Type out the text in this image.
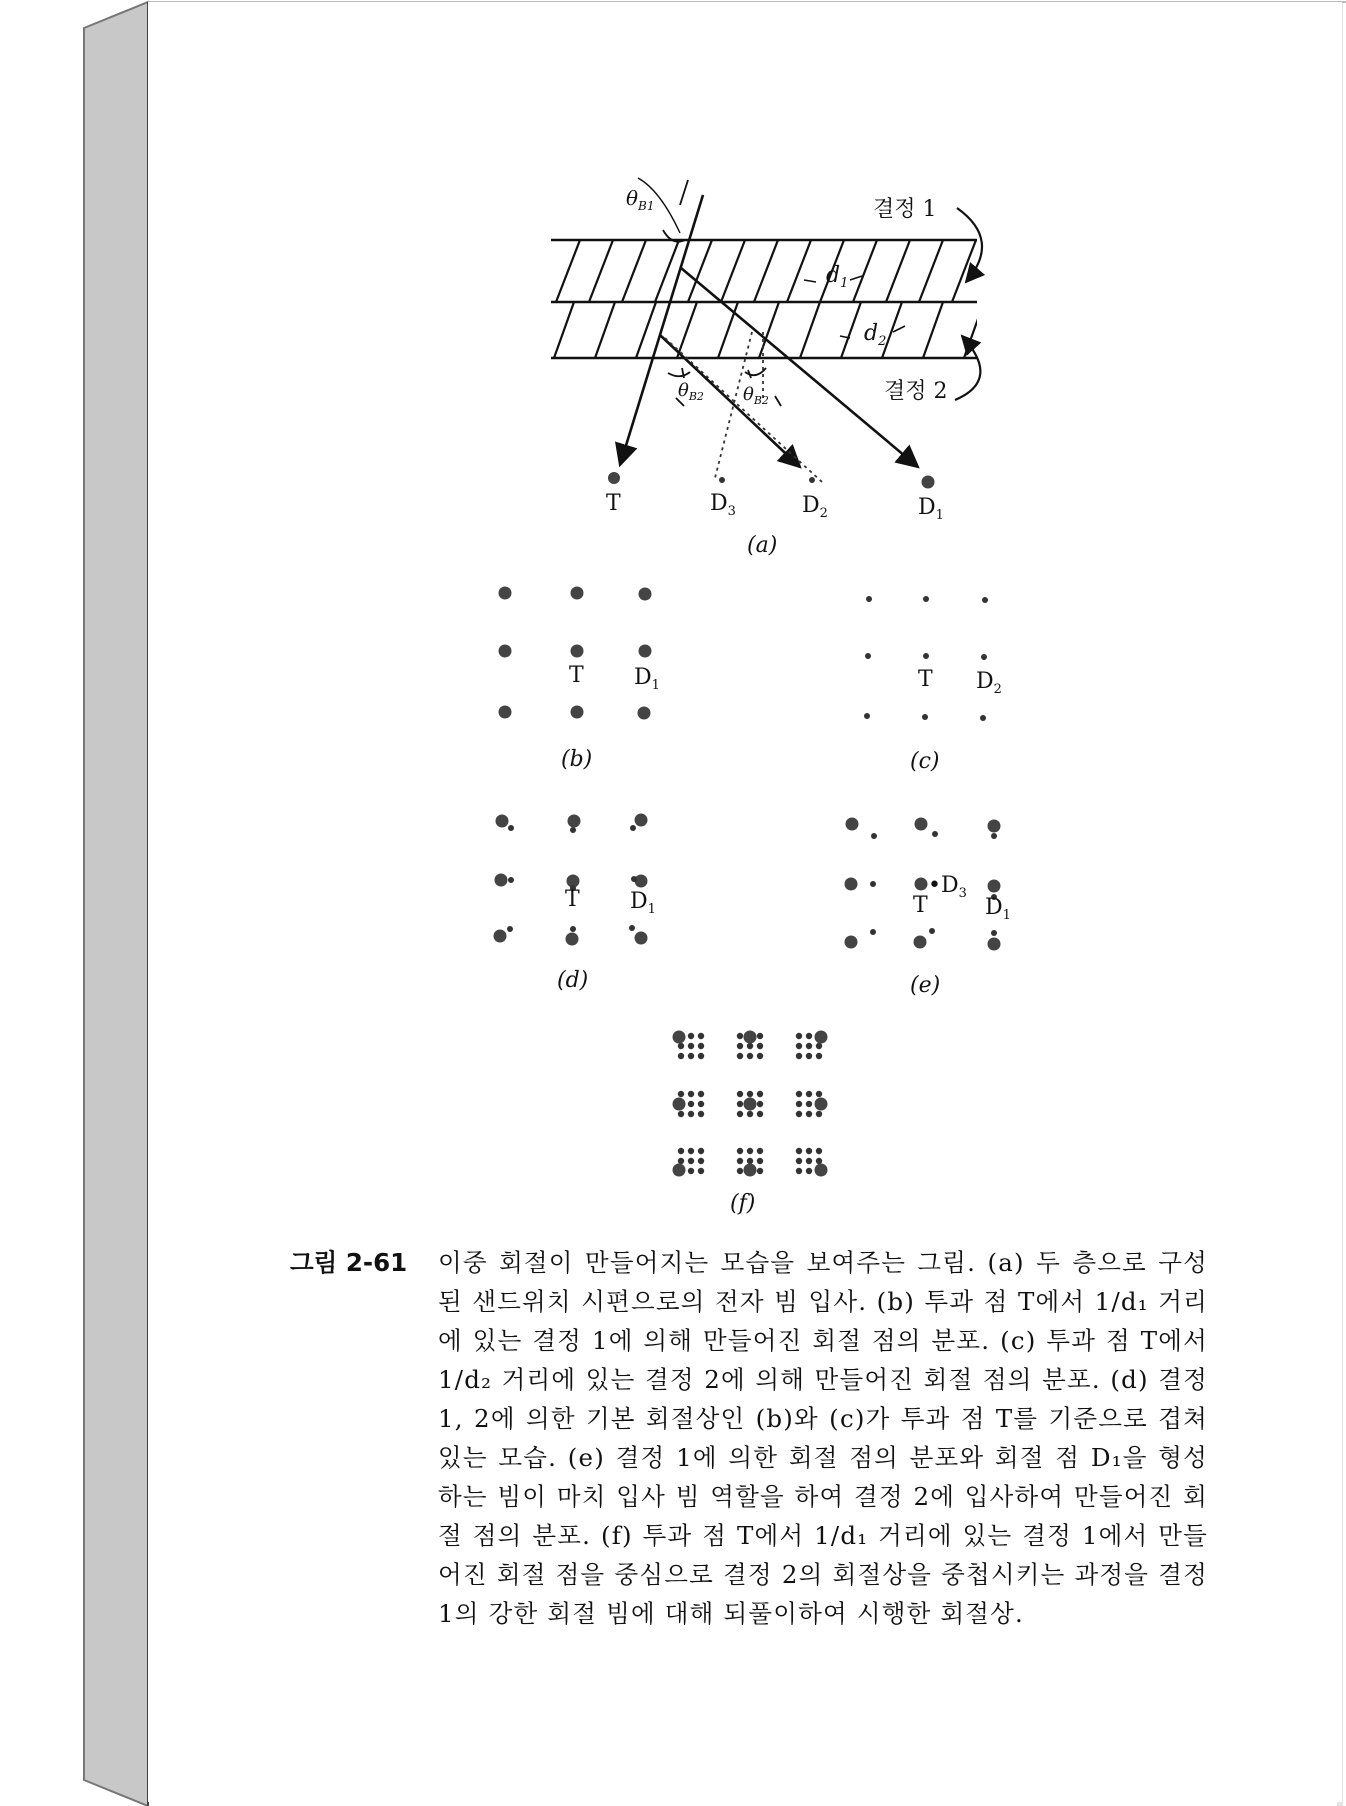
$\theta_{B1}$	결정 1
결정 2
$d_1$
$d_2$
$\theta_{B2}$ $\theta_{B2}$
T	$D_3$	$D_2$	$D_1$
(a)
T $D_1$
(b)
T $D_2$
(c)
T $D_1$
(d)
T
$•D_3$
$D_1$
(e)
(f)
그림 2-61 이중 회절이 만들어지는 모습을 보여주는 그림. (a) 두 층으로 구성된 샌드위치 시편으로의 전자 빔 입사. (b) 투과 점 T에서 1/d₁ 거리에 있는 결정 1에 의해 만들어진 회절 점의 분포. (c) 투과 점 T에서 1/d₂ 거리에 있는 결정 2에 의해 만들어진 회절 점의 분포. (d) 결정 1, 2에 의한 기본 회절상인 (b)와 (c)가 투과 점 T를 기준으로 겹쳐 있는 모습. (e) 결정 1에 의한 회절 점의 분포와 회절 점 D₁을 형성하는 빔이 마치 입사 빔 역할을 하여 결정 2에 입사하여 만들어진 회절 점의 분포. (f) 투과 점 T에서 1/d₁ 거리에 있는 결정 1에서 만들어진 회절 점을 중심으로 결정 2의 회절상을 중첩시키는 과정을 결정 1의 강한 회절 빔에 대해 되풀이하여 시행한 회절상.
